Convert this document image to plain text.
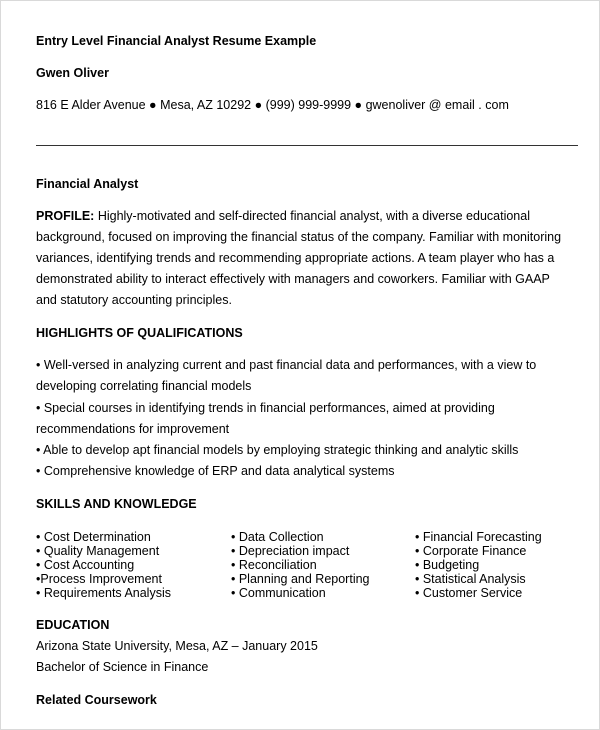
Entry Level Financial Analyst Resume Example
Gwen Oliver
816 E Alder Avenue ● Mesa, AZ 10292 ● (999) 999-9999 ● gwenoliver @ email . com
Financial Analyst
PROFILE: Highly-motivated and self-directed financial analyst, with a diverse educational background, focused on improving the financial status of the company. Familiar with monitoring variances, identifying trends and recommending appropriate actions. A team player who has a demonstrated ability to interact effectively with managers and coworkers. Familiar with GAAP and statutory accounting principles.
HIGHLIGHTS OF QUALIFICATIONS
• Well-versed in analyzing current and past financial data and performances, with a view to developing correlating financial models
• Special courses in identifying trends in financial performances, aimed at providing recommendations for improvement
• Able to develop apt financial models by employing strategic thinking and analytic skills
• Comprehensive knowledge of ERP and data analytical systems
SKILLS AND KNOWLEDGE
• Cost Determination
• Quality Management
• Cost Accounting
•Process Improvement
• Requirements Analysis
• Data Collection
• Depreciation impact
• Reconciliation
• Planning and Reporting
• Communication
• Financial Forecasting
• Corporate Finance
• Budgeting
• Statistical Analysis
• Customer Service
EDUCATION
Arizona State University, Mesa, AZ – January 2015
Bachelor of Science in Finance
Related Coursework
